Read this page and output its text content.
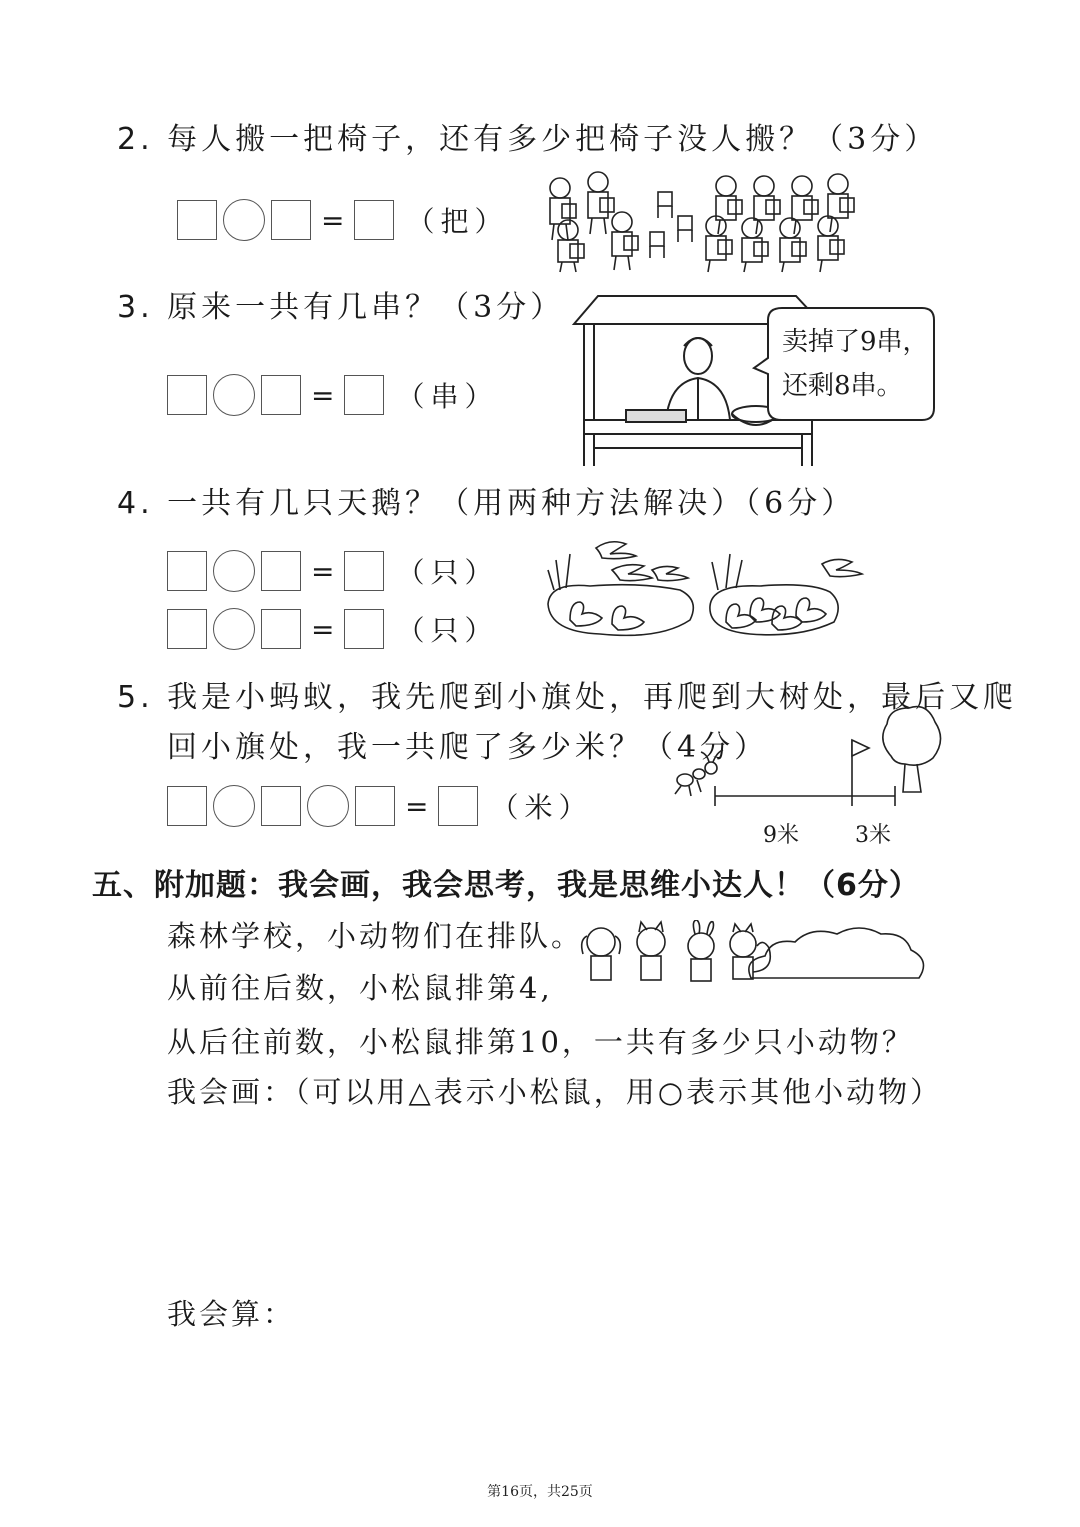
2. 每人搬一把椅子，还有多少把椅子没人搬？（3分）
= （把）
3. 原来一共有几串？（3分）
= （串）
卖掉了9串，
还剩8串。
4. 一共有几只天鹅？（用两种方法解决）（6分）
= （只）
= （只）
5. 我是小蚂蚁，我先爬到小旗处，再爬到大树处，最后又爬
回小旗处，我一共爬了多少米？（4分）
= （米）
9米	3米
五、附加题：我会画，我会思考，我是思维小达人！（6分）
森林学校，小动物们在排队。
从前往后数，小松鼠排第4,
从后往前数，小松鼠排第10，一共有多少只小动物？
我会画：（可以用△表示小松鼠，用○表示其他小动物）
我会算：
第16页，共25页
